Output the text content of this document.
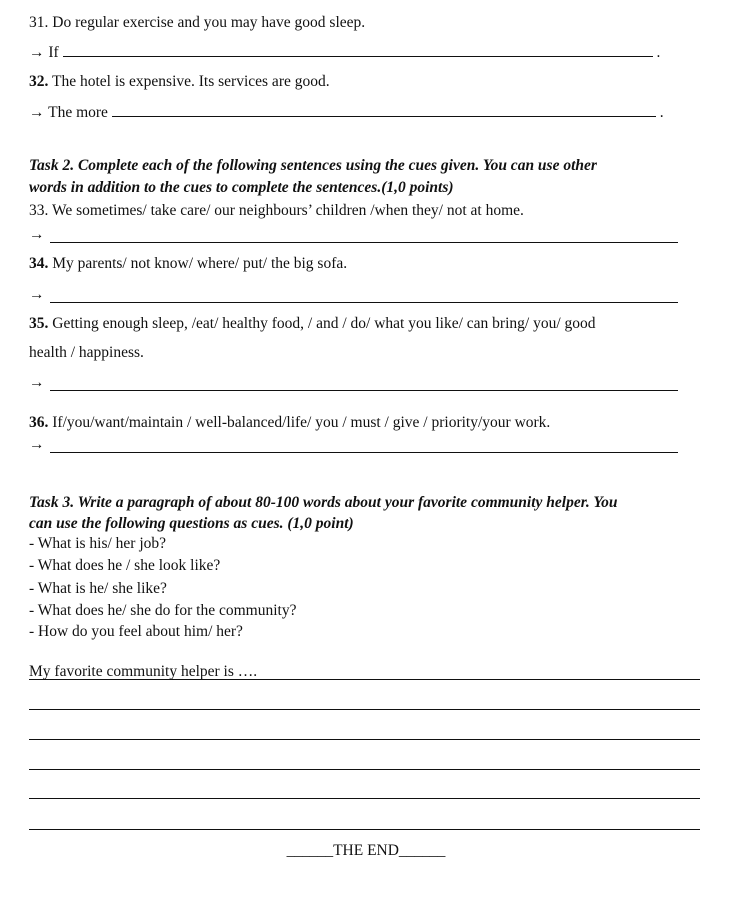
31. Do regular exercise and you may have good sleep.
→ If	.
32. The hotel is expensive. Its services are good.
→ The more	.
Task 2. Complete each of the following sentences using the cues given. You can use other
words in addition to the cues to complete the sentences.(1,0 points)
33. We sometimes/ take care/ our neighbours’ children /when they/ not at home.
→
34. My parents/ not know/ where/ put/ the big sofa.
→
35. Getting enough sleep, /eat/ healthy food, / and / do/ what you like/ can bring/ you/ good
health / happiness.
→
36. If/you/want/maintain / well-balanced/life/ you / must / give / priority/your work.
→
Task 3. Write a paragraph of about 80-100 words about your favorite community helper. You
can use the following questions as cues. (1,0 point)
- What is his/ her job?
- What does he / she look like?
- What is he/ she like?
- What does he/ she do for the community?
- How do you feel about him/ her?
My favorite community helper is ….
______THE END______
